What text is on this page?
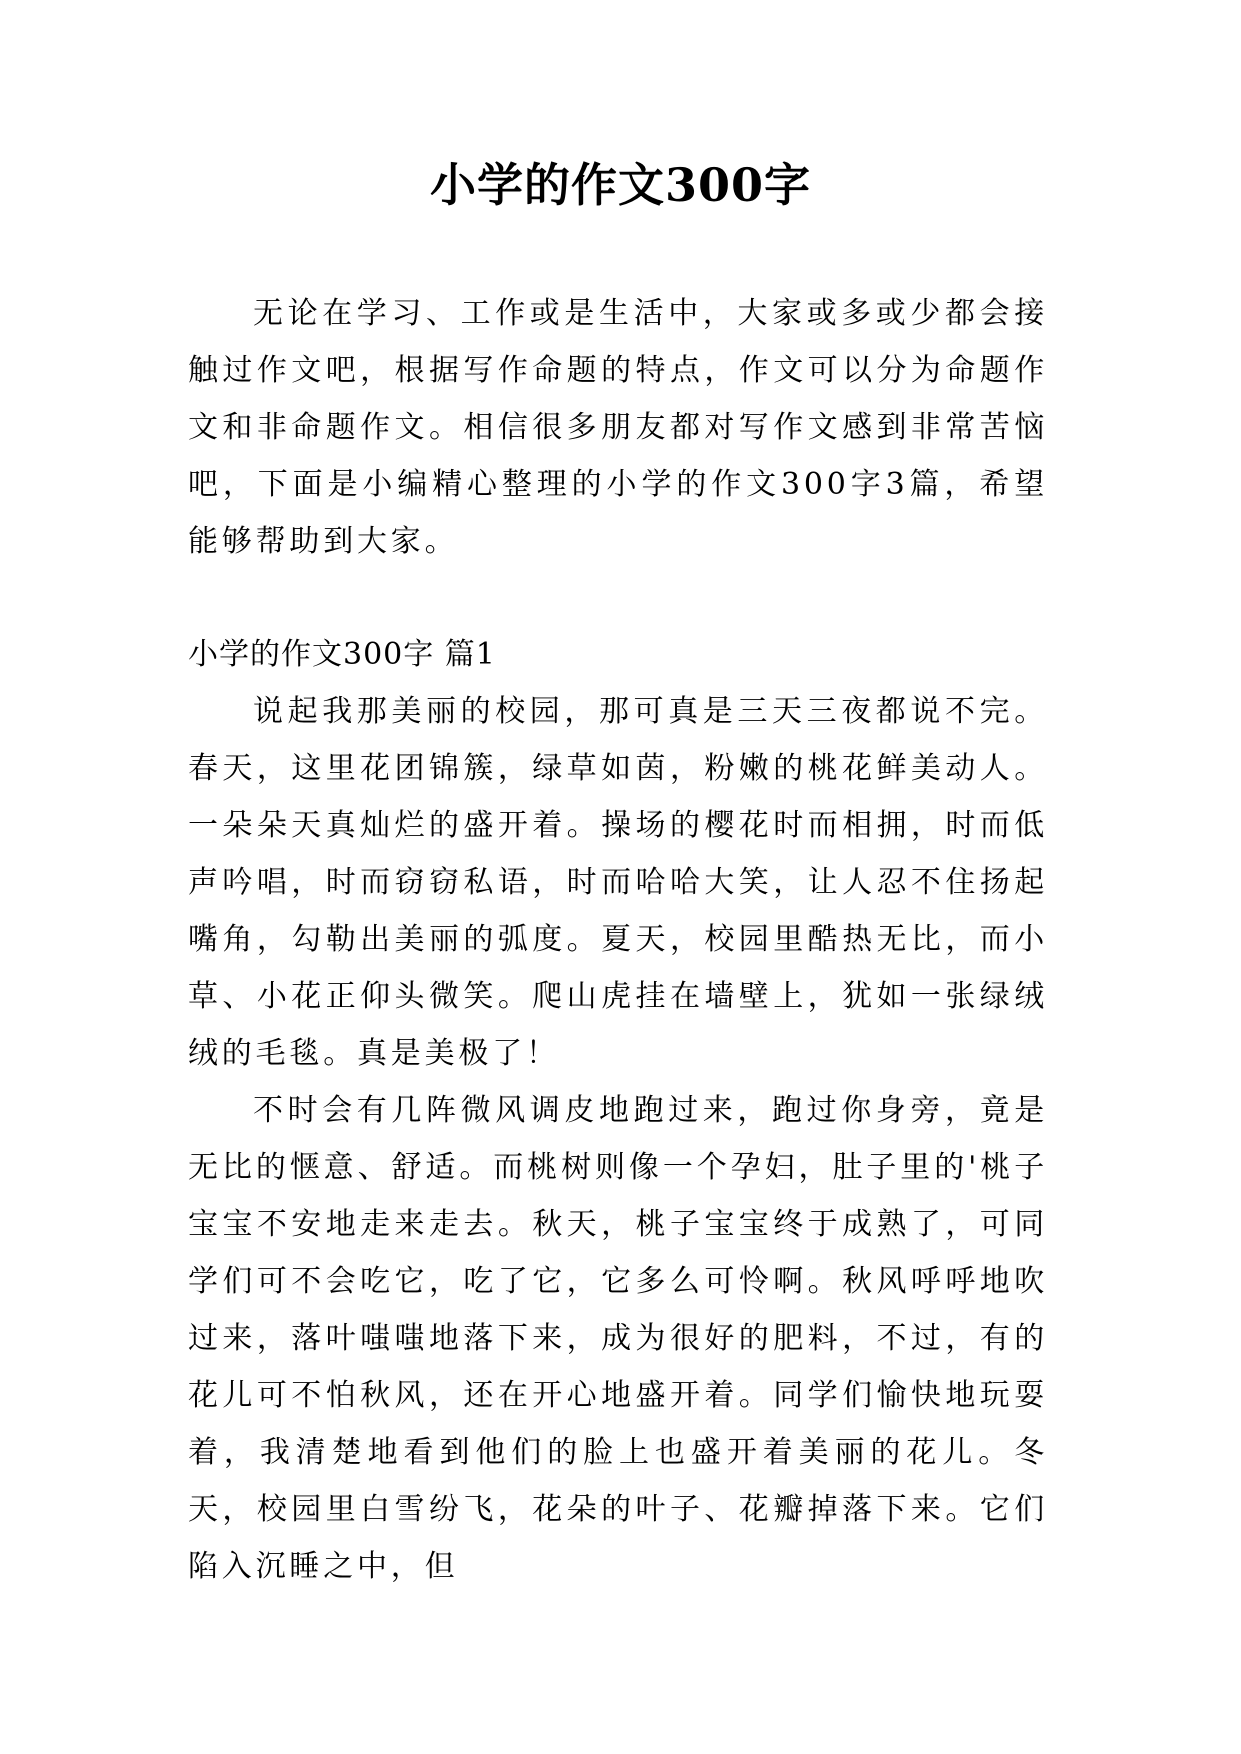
小学的作文300字

无论在学习、工作或是生活中，大家或多或少都会接触过作文吧，根据写作命题的特点，作文可以分为命题作文和非命题作文。相信很多朋友都对写作文感到非常苦恼吧，下面是小编精心整理的小学的作文300字3篇，希望能够帮助到大家。

小学的作文300字 篇1

说起我那美丽的校园，那可真是三天三夜都说不完。春天，这里花团锦簇，绿草如茵，粉嫩的桃花鲜美动人。一朵朵天真灿烂的盛开着。操场的樱花时而相拥，时而低声吟唱，时而窃窃私语，时而哈哈大笑，让人忍不住扬起嘴角，勾勒出美丽的弧度。夏天，校园里酷热无比，而小草、小花正仰头微笑。爬山虎挂在墙壁上，犹如一张绿绒绒的毛毯。真是美极了！

不时会有几阵微风调皮地跑过来，跑过你身旁，竟是无比的惬意、舒适。而桃树则像一个孕妇，肚子里的'桃子宝宝不安地走来走去。秋天，桃子宝宝终于成熟了，可同学们可不会吃它，吃了它，它多么可怜啊。秋风呼呼地吹过来，落叶嗤嗤地落下来，成为很好的肥料，不过，有的花儿可不怕秋风，还在开心地盛开着。同学们愉快地玩耍着，我清楚地看到他们的脸上也盛开着美丽的花儿。冬天，校园里白雪纷飞，花朵的叶子、花瓣掉落下来。它们陷入沉睡之中，但
